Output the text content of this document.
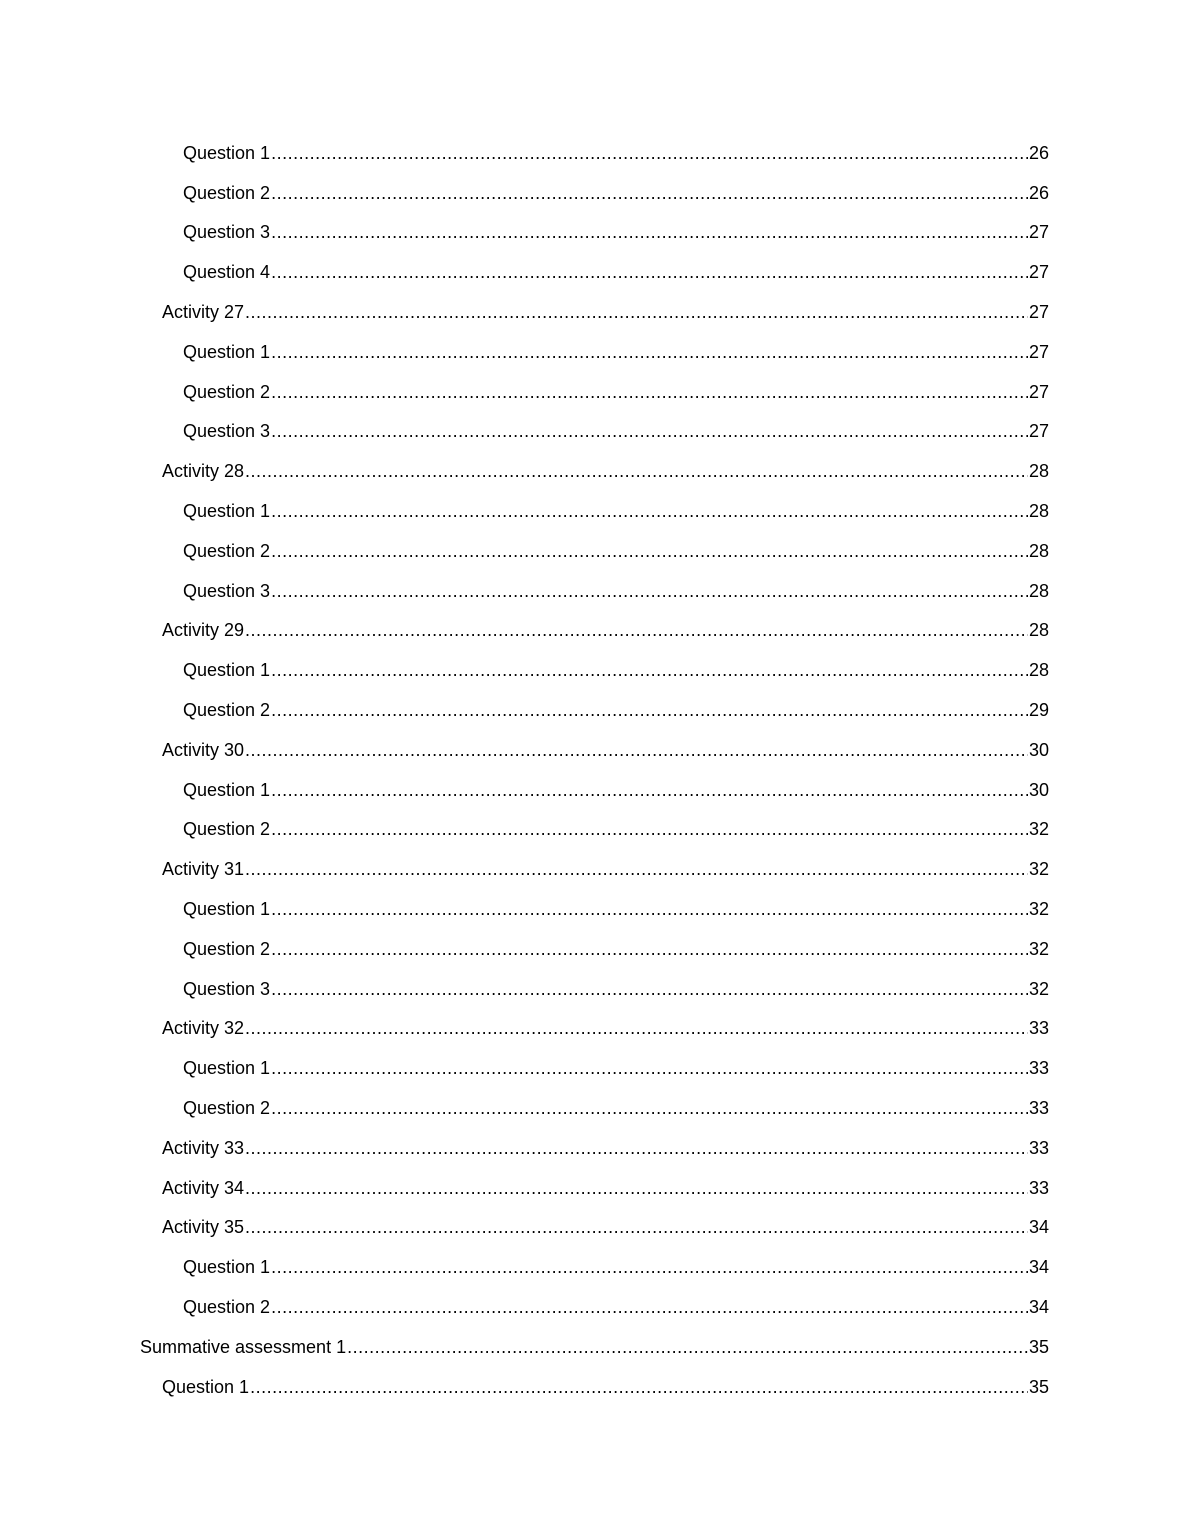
Question 1 .....	26
Question 2 .....	26
Question 3 .....	27
Question 4 .....	27
Activity 27 .....	27
Question 1 .....	27
Question 2 .....	27
Question 3 .....	27
Activity 28 .....	28
Question 1 .....	28
Question 2 .....	28
Question 3 .....	28
Activity 29 .....	28
Question 1 .....	28
Question 2 .....	29
Activity 30 .....	30
Question 1 .....	30
Question 2 .....	32
Activity 31 .....	32
Question 1 .....	32
Question 2 .....	32
Question 3 .....	32
Activity 32 .....	33
Question 1 .....	33
Question 2 .....	33
Activity 33 .....	33
Activity 34 .....	33
Activity 35 .....	34
Question 1 .....	34
Question 2 .....	34
Summative assessment 1 .....	35
Question 1 .....	35
